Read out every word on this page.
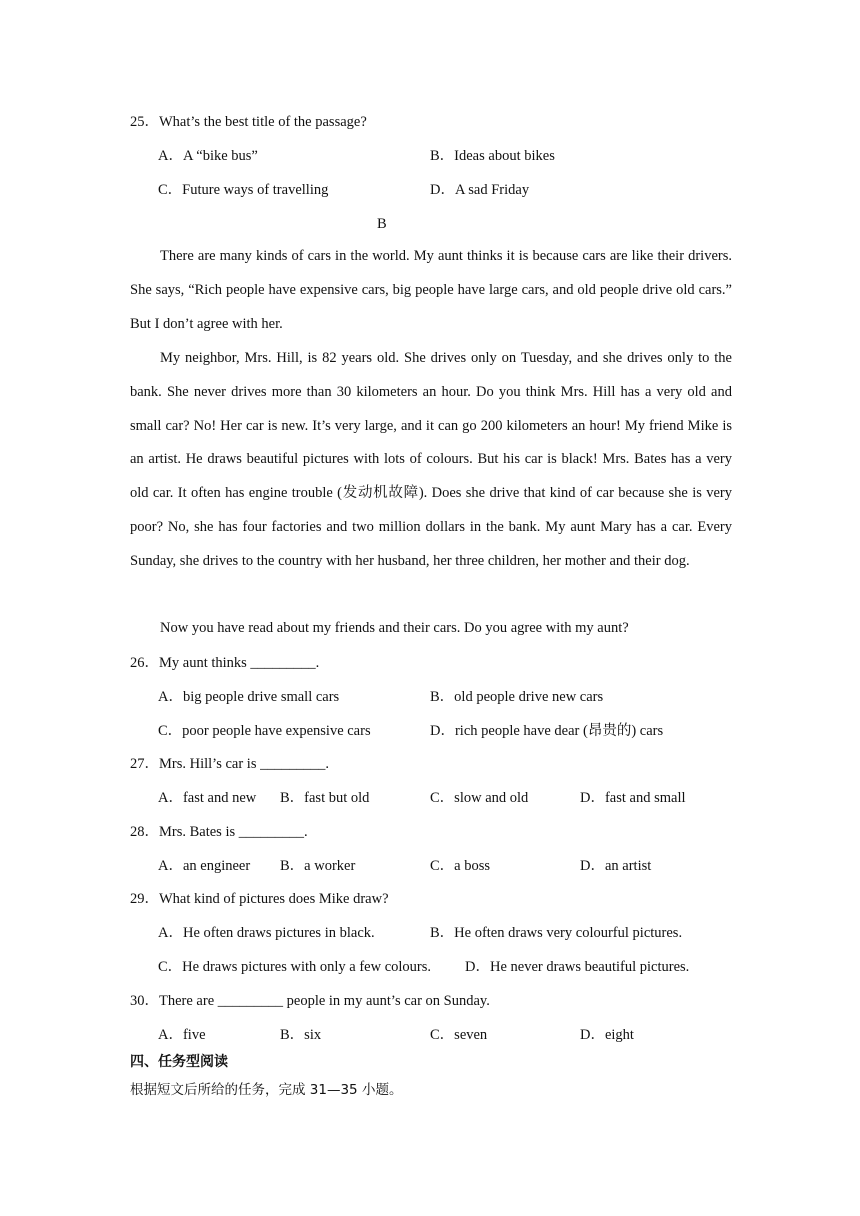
25．What’s the best title of the passage?
A．A “bike bus”	B．Ideas about bikes
C．Future ways of travelling	D．A sad Friday
B
There are many kinds of cars in the world. My aunt thinks it is because cars are like their drivers. She says, “Rich people have expensive cars, big people have large cars, and old people drive old cars.” But I don’t agree with her.
My neighbor, Mrs. Hill, is 82 years old. She drives only on Tuesday, and she drives only to the bank. She never drives more than 30 kilometers an hour. Do you think Mrs. Hill has a very old and small car? No! Her car is new. It’s very large, and it can go 200 kilometers an hour! My friend Mike is an artist. He draws beautiful pictures with lots of colours. But his car is black! Mrs. Bates has a very old car. It often has engine trouble (发动机故障). Does she drive that kind of car because she is very poor? No, she has four factories and two million dollars in the bank. My aunt Mary has a car. Every Sunday, she drives to the country with her husband, her three children, her mother and their dog.
Now you have read about my friends and their cars. Do you agree with my aunt?
26．My aunt thinks _________.
A．big people drive small cars	B．old people drive new cars
C．poor people have expensive cars	D．rich people have dear (昂贵的) cars
27．Mrs. Hill’s car is _________.
A．fast and new B．fast but old	C．slow and old	D．fast and small
28．Mrs. Bates is _________.
A．an engineer B．a worker	C．a boss	D．an artist
29．What kind of pictures does Mike draw?
A．He often draws pictures in black.	B．He often draws very colourful pictures.
C．He draws pictures with only a few colours. D．He never draws beautiful pictures.
30．There are _________ people in my aunt’s car on Sunday.
A．five	B．six	C．seven	D．eight
四、任务型阅读
根据短文后所给的任务，完成 31—35 小题。
